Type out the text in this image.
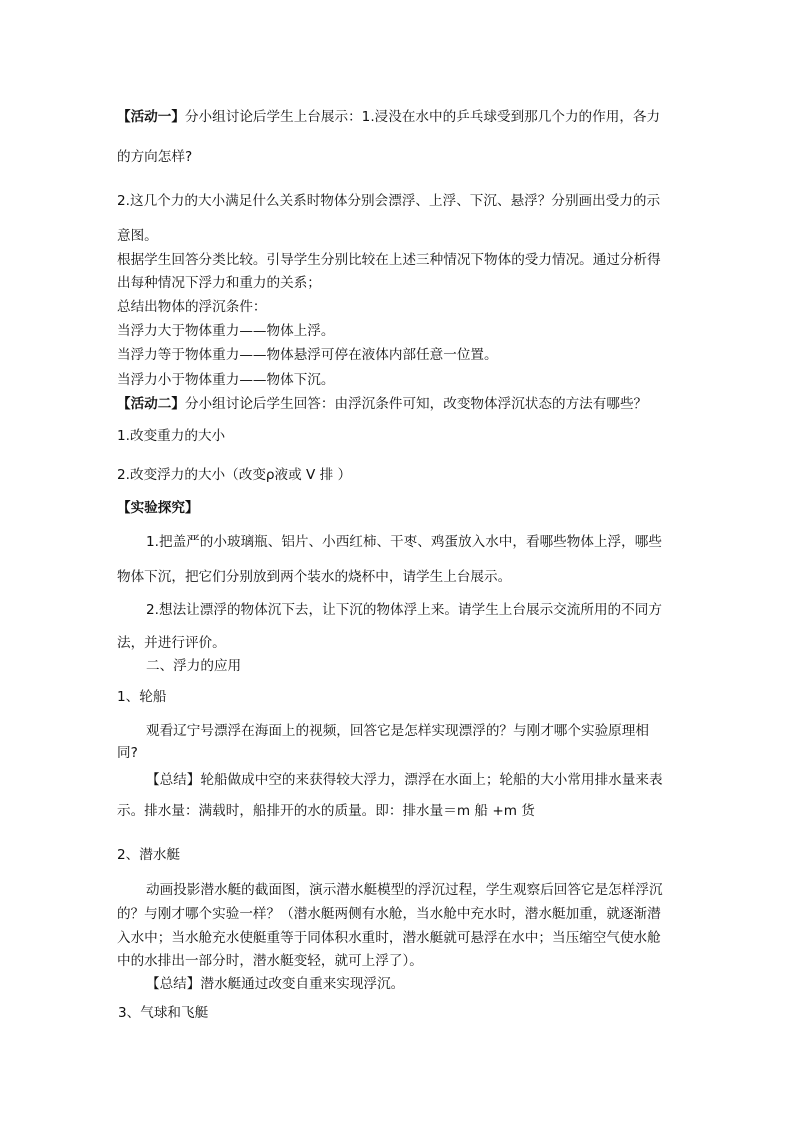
【活动一】分小组讨论后学生上台展示：1.浸没在水中的乒乓球受到那几个力的作用，各力
的方向怎样?
2.这几个力的大小满足什么关系时物体分别会漂浮、上浮、下沉、悬浮？分别画出受力的示
意图。
根据学生回答分类比较。引导学生分别比较在上述三种情况下物体的受力情况。通过分析得
出每种情况下浮力和重力的关系；
总结出物体的浮沉条件：
当浮力大于物体重力——物体上浮。
当浮力等于物体重力——物体悬浮可停在液体内部任意一位置。
当浮力小于物体重力——物体下沉。
【活动二】分小组讨论后学生回答：由浮沉条件可知，改变物体浮沉状态的方法有哪些？
1.改变重力的大小
2.改变浮力的大小（改变ρ液或 V 排 ）
【实验探究】
1.把盖严的小玻璃瓶、铝片、小西红柿、干枣、鸡蛋放入水中，看哪些物体上浮，哪些
物体下沉，把它们分别放到两个装水的烧杯中，请学生上台展示。
2.想法让漂浮的物体沉下去，让下沉的物体浮上来。请学生上台展示交流所用的不同方
法，并进行评价。
二、浮力的应用
1、轮船
观看辽宁号漂浮在海面上的视频，回答它是怎样实现漂浮的？与刚才哪个实验原理相
同?
【总结】轮船做成中空的来获得较大浮力，漂浮在水面上；轮船的大小常用排水量来表
示。排水量：满载时，船排开的水的质量。即：排水量＝m 船 +m 货
2、潜水艇
动画投影潜水艇的截面图，演示潜水艇模型的浮沉过程，学生观察后回答它是怎样浮沉
的？与刚才哪个实验一样？（潜水艇两侧有水舱，当水舱中充水时，潜水艇加重，就逐渐潜
入水中；当水舱充水使艇重等于同体积水重时，潜水艇就可悬浮在水中；当压缩空气使水舱
中的水排出一部分时，潜水艇变轻，就可上浮了）。
【总结】潜水艇通过改变自重来实现浮沉。
3、气球和飞艇
